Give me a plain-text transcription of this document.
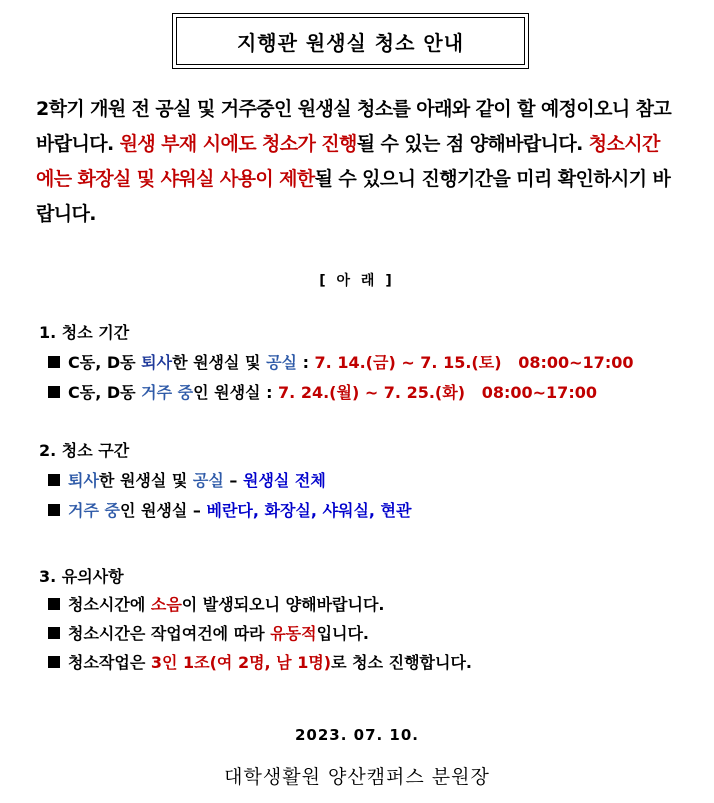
지행관 원생실 청소 안내
2학기 개원 전 공실 및 거주중인 원생실 청소를 아래와 같이 할 예정이오니 참고 바랍니다. 원생 부재 시에도 청소가 진행될 수 있는 점 양해바랍니다. 청소시간에는 화장실 및 샤워실 사용이 제한될 수 있으니 진행기간을 미리 확인하시기 바랍니다.
[ 아 래 ]
1. 청소 기간
C동, D동 퇴사한 원생실 및 공실 : 7. 14.(금) ~ 7. 15.(토)   08:00~17:00
C동, D동 거주 중인 원생실 : 7. 24.(월) ~ 7. 25.(화)   08:00~17:00
2. 청소 구간
퇴사한 원생실 및 공실 – 원생실 전체
거주 중인 원생실 – 베란다, 화장실, 샤워실, 현관
3. 유의사항
청소시간에 소음이 발생되오니 양해바랍니다.
청소시간은 작업여건에 따라 유동적입니다.
청소작업은 3인 1조(여 2명, 남 1명)로 청소 진행합니다.
2023. 07. 10.
대학생활원 양산캠퍼스 분원장
